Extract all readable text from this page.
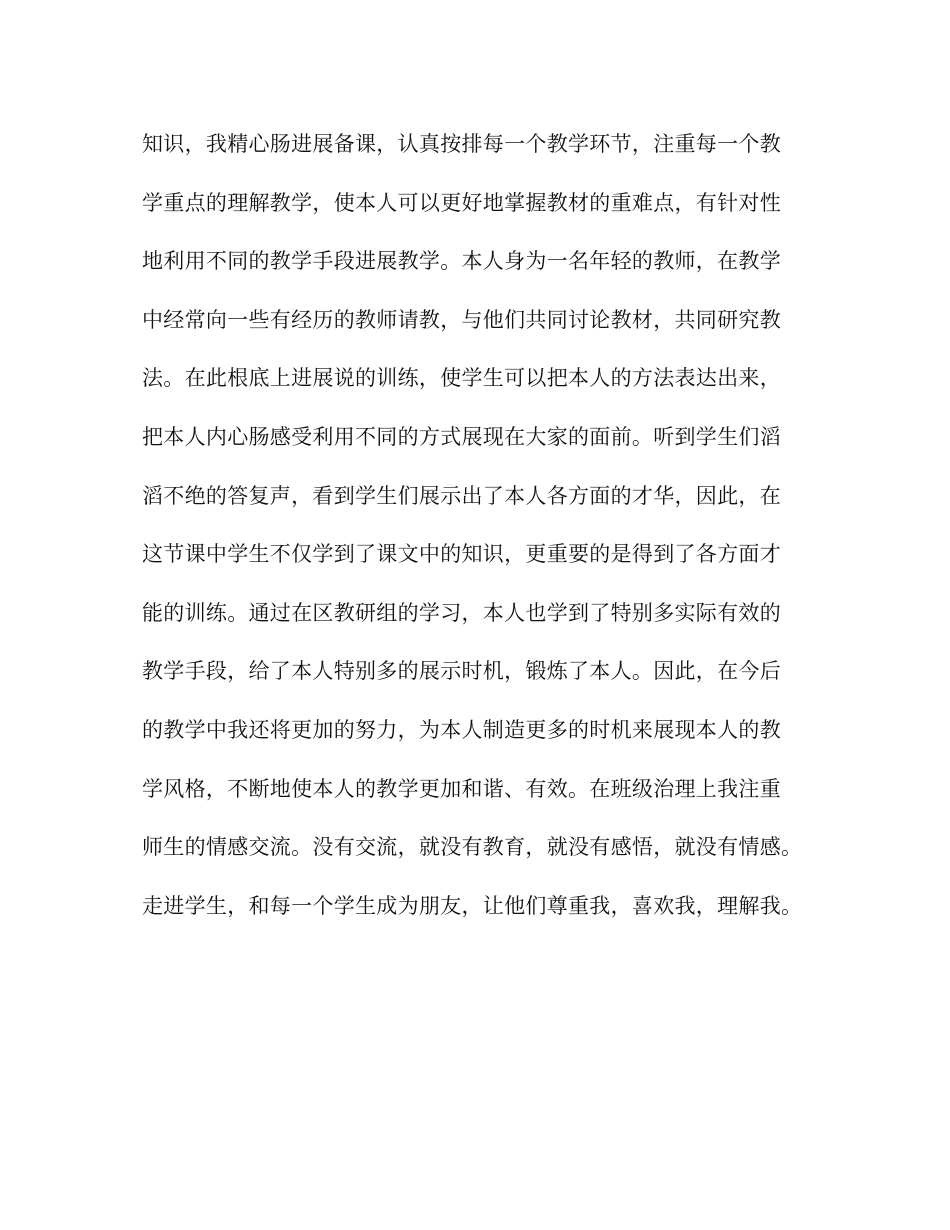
知识，我精心肠进展备课，认真按排每一个教学环节，注重每一个教
学重点的理解教学，使本人可以更好地掌握教材的重难点，有针对性
地利用不同的教学手段进展教学。本人身为一名年轻的教师，在教学
中经常向一些有经历的教师请教，与他们共同讨论教材，共同研究教
法。在此根底上进展说的训练，使学生可以把本人的方法表达出来，
把本人内心肠感受利用不同的方式展现在大家的面前。听到学生们滔
滔不绝的答复声，看到学生们展示出了本人各方面的才华，因此，在
这节课中学生不仅学到了课文中的知识，更重要的是得到了各方面才
能的训练。通过在区教研组的学习，本人也学到了特别多实际有效的
教学手段，给了本人特别多的展示时机，锻炼了本人。因此，在今后
的教学中我还将更加的努力，为本人制造更多的时机来展现本人的教
学风格，不断地使本人的教学更加和谐、有效。在班级治理上我注重
师生的情感交流。没有交流，就没有教育，就没有感悟，就没有情感。
走进学生，和每一个学生成为朋友，让他们尊重我，喜欢我，理解我。
